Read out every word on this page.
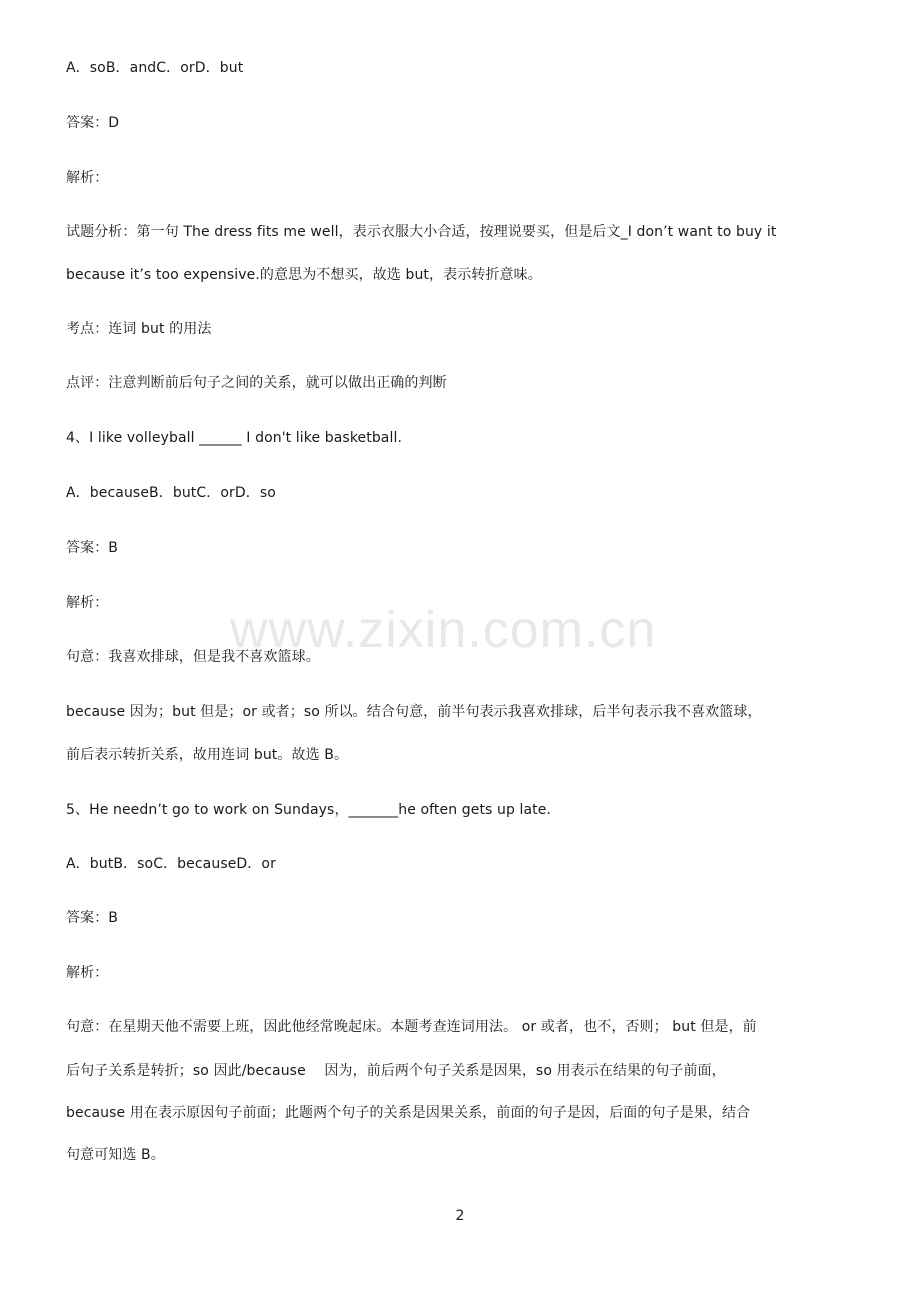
A．soB．andC．orD．but
答案：D
解析：
试题分析：第一句 The dress fits me well，表示衣服大小合适，按理说要买，但是后文_I don’t want to buy it
because it’s too expensive.的意思为不想买，故选 but，表示转折意味。
考点：连词 but 的用法
点评：注意判断前后句子之间的关系，就可以做出正确的判断
4、I like volleyball ______ I don't like basketball.
A．becauseB．butC．orD．so
答案：B
解析：
句意：我喜欢排球，但是我不喜欢篮球。
because 因为；but 但是；or 或者；so 所以。结合句意，前半句表示我喜欢排球，后半句表示我不喜欢篮球，
前后表示转折关系，故用连词 but。故选 B。
5、He needn’t go to work on Sundays，_______he often gets up late．
A．butB．soC．becauseD．or
答案：B
解析：
句意：在星期天他不需要上班，因此他经常晚起床。本题考查连词用法。 or 或者，也不，否则； but 但是，前
后句子关系是转折；so 因此/because　 因为，前后两个句子关系是因果，so 用表示在结果的句子前面，
because 用在表示原因句子前面；此题两个句子的关系是因果关系，前面的句子是因，后面的句子是果，结合
句意可知选 B。
www.zixin.com.cn
2
